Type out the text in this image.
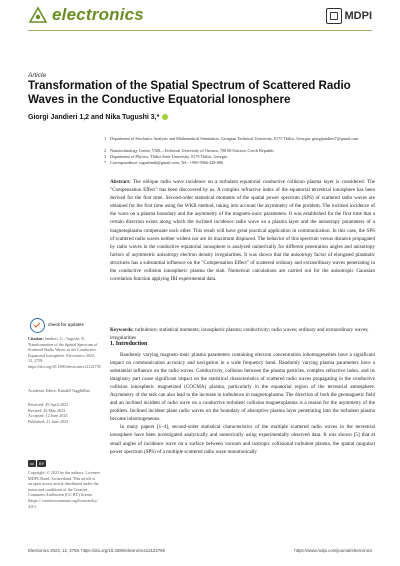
electronics	MDPI
Article
Transformation of the Spatial Spectrum of Scattered Radio Waves in the Conductive Equatorial Ionosphere
Giorgi Jandieri 1,2 and Nika Tugushi 3,*
1 Department of Stochastic Analysis and Mathematical Simulation, Georgian Technical University, 0175 Tbilisi, Georgia; giorgijandieri7@gmail.com
2 Nanotechnology Centre, VSB—Technical University of Ostrava, 708 00 Ostrava, Czech Republic
3 Department of Physics, Tbilisi State University, 0179 Tbilisi, Georgia
* Correspondence: tugushinik@gmail.com; Tel.: +995-5966-228-086
Abstract: The oblique radio wave incidence on a turbulent equatorial conductive collision plasma layer is considered. The "Compensation Effect" has been discovered by us. A complex refractive index of the equatorial terrestrial ionosphere has been derived for the first time. Second-order statistical moments of the spatial power spectrum (SPS) of scattered radio waves are obtained for the first time using the WKB method, taking into account the asymmetry of the problem. The inclined incidence of the wave on a plasma boundary and the asymmetry of the magneto-ionic parameters. It was established for the first time that a certain direction exists along which the inclined incidence radio wave on a plasma layer and the anisotropy parameters of a magnetoplasma compensate each other. This result will have great practical application in communication. In this case, the SPS of scattered radio waves neither widens nor are its maximum displaced. The behavior of this spectrum versus distance propagated by radio waves in the conductive equatorial ionosphere is analyzed numerically for different penetration angles and anisotropy factors of asymmetric anisotropy electron density irregularities. It was shown that the anisotropy factor of elongated plasmatic structures has a substantial influence on the "Compensation Effect" of scattered ordinary and extraordinary waves penetrating in the conductive collision ionospheric plasma the slab. Numerical calculations are carried out for the anisotropic Gaussian correlation function applying IRI experimental data.
Keywords: turbulence; statistical moments; ionospheric plasma; conductivity; radio waves; ordinary and extraordinary waves; irregularities
check for updates
Citation: Jandieri, G.; Tugushi, N. Transformation of the Spatial Spectrum of Scattered Radio Waves in the Conductive Equatorial Ionosphere. Electronics 2023, 12, 2759. https://doi.org/10.3390/electronics12122759
Academic Editor: Randall Tagg&Bair
Received: 29 April 2023
Revised: 29 May 2023
Accepted: 12 June 2023
Published: 21 June 2023
cc	BY
Copyright: © 2023 by the authors. Licensee MDPI, Basel, Switzerland. This article is an open access article distributed under the terms and conditions of the Creative Commons Attribution (CC BY) license (https:// creativecommons.org/licenses/by/ 4.0/).
1. Introduction
Randomly varying magneto-ionic plasma parameters containing electron concentration inhomogeneities have a significant impact on communication accuracy and navigation in a wide frequency band. Randomly varying plasma parameters have a substantial influence on the radio waves. Conductivity, collision between the plasma particles, complex refractive index, and its imaginary part cause significant impact on the statistical characteristics of scattered radio waves propagating in the conductive collision ionospheric magnetized (COCMA) plasma, particularly in the equatorial region of the terrestrial atmosphere. Asymmetry of the task can also lead to the increase in turbulence in magnetoplasma. The direction of both the geomagnetic field and an inclined incident of radio wave on a conductive turbulent collision magnetoplasma is a reason for the asymmetry of the problem. Inclined incident plane radio waves on the boundary of absorptive plasma layer penetrating into the turbulent plasma become inhomogeneous.
In many papers [1–4], second-order statistical characteristics of the multiple scattered radio waves in the terrestrial ionosphere have been investigated analytically and numerically using experimentally observed data. It was shown [5] that at small angles of incidence wave on a surface between vacuum and isotropic collisional turbulent plasma, the spatial (angular) power spectrum (SPS) of a multiple scattered radio wave monotonically
Electronics 2023, 12, 2759. https://doi.org/10.3390/electronics12122759	https://www.mdpi.com/journal/electronics
